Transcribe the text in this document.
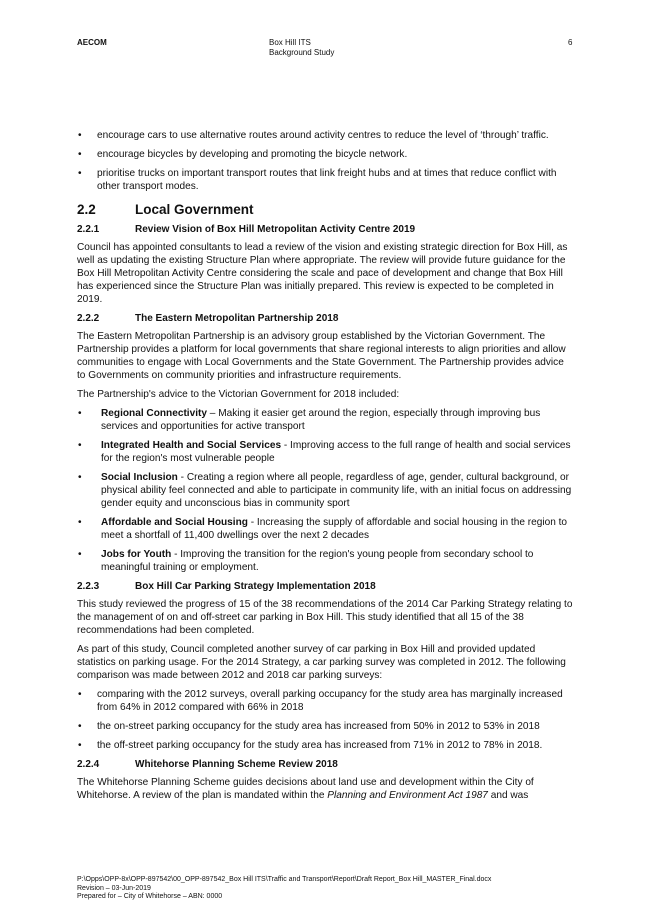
AECOM	Box Hill ITS
Background Study
6
• encourage cars to use alternative routes around activity centres to reduce the level of ‘through’ traffic.
• encourage bicycles by developing and promoting the bicycle network.
• prioritise trucks on important transport routes that link freight hubs and at times that reduce conflict with other transport modes.
2.2	Local Government
2.2.1	Review Vision of Box Hill Metropolitan Activity Centre 2019

Council has appointed consultants to lead a review of the vision and existing strategic direction for Box Hill, as well as updating the existing Structure Plan where appropriate. The review will provide future guidance for the Box Hill Metropolitan Activity Centre considering the scale and pace of development and change that Box Hill has experienced since the Structure Plan was initially prepared. This review is expected to be completed in 2019.

2.2.2	The Eastern Metropolitan Partnership 2018

The Eastern Metropolitan Partnership is an advisory group established by the Victorian Government. The Partnership provides a platform for local governments that share regional interests to align priorities and allow communities to engage with Local Governments and the State Government. The Partnership provides advice to Governments on community priorities and infrastructure requirements.

The Partnership's advice to the Victorian Government for 2018 included:

• Regional Connectivity – Making it easier get around the region, especially through improving bus services and opportunities for active transport
• Integrated Health and Social Services - Improving access to the full range of health and social services for the region's most vulnerable people
• Social Inclusion - Creating a region where all people, regardless of age, gender, cultural background, or physical ability feel connected and able to participate in community life, with an initial focus on addressing gender equity and unconscious bias in community sport
• Affordable and Social Housing - Increasing the supply of affordable and social housing in the region to meet a shortfall of 11,400 dwellings over the next 2 decades
• Jobs for Youth - Improving the transition for the region's young people from secondary school to meaningful training or employment.
2.2.3	Box Hill Car Parking Strategy Implementation 2018

This study reviewed the progress of 15 of the 38 recommendations of the 2014 Car Parking Strategy relating to the management of on and off-street car parking in Box Hill. This study identified that all 15 of the 38 recommendations had been completed.

As part of this study, Council completed another survey of car parking in Box Hill and provided updated statistics on parking usage. For the 2014 Strategy, a car parking survey was completed in 2012. The following comparison was made between 2012 and 2018 car parking surveys:

• comparing with the 2012 surveys, overall parking occupancy for the study area has marginally increased from 64% in 2012 compared with 66% in 2018
• the on-street parking occupancy for the study area has increased from 50% in 2012 to 53% in 2018
• the off-street parking occupancy for the study area has increased from 71% in 2012 to 78% in 2018.
2.2.4	Whitehorse Planning Scheme Review 2018

The Whitehorse Planning Scheme guides decisions about land use and development within the City of Whitehorse. A review of the plan is mandated within the Planning and Environment Act 1987 and was

P:\Opps\OPP-8x\OPP-897542\00_OPP-897542_Box Hill ITS\Traffic and Transport\Report\Draft Report_Box Hill_MASTER_Final.docx
Revision – 03-Jun-2019
Prepared for – City of Whitehorse – ABN: 0000
